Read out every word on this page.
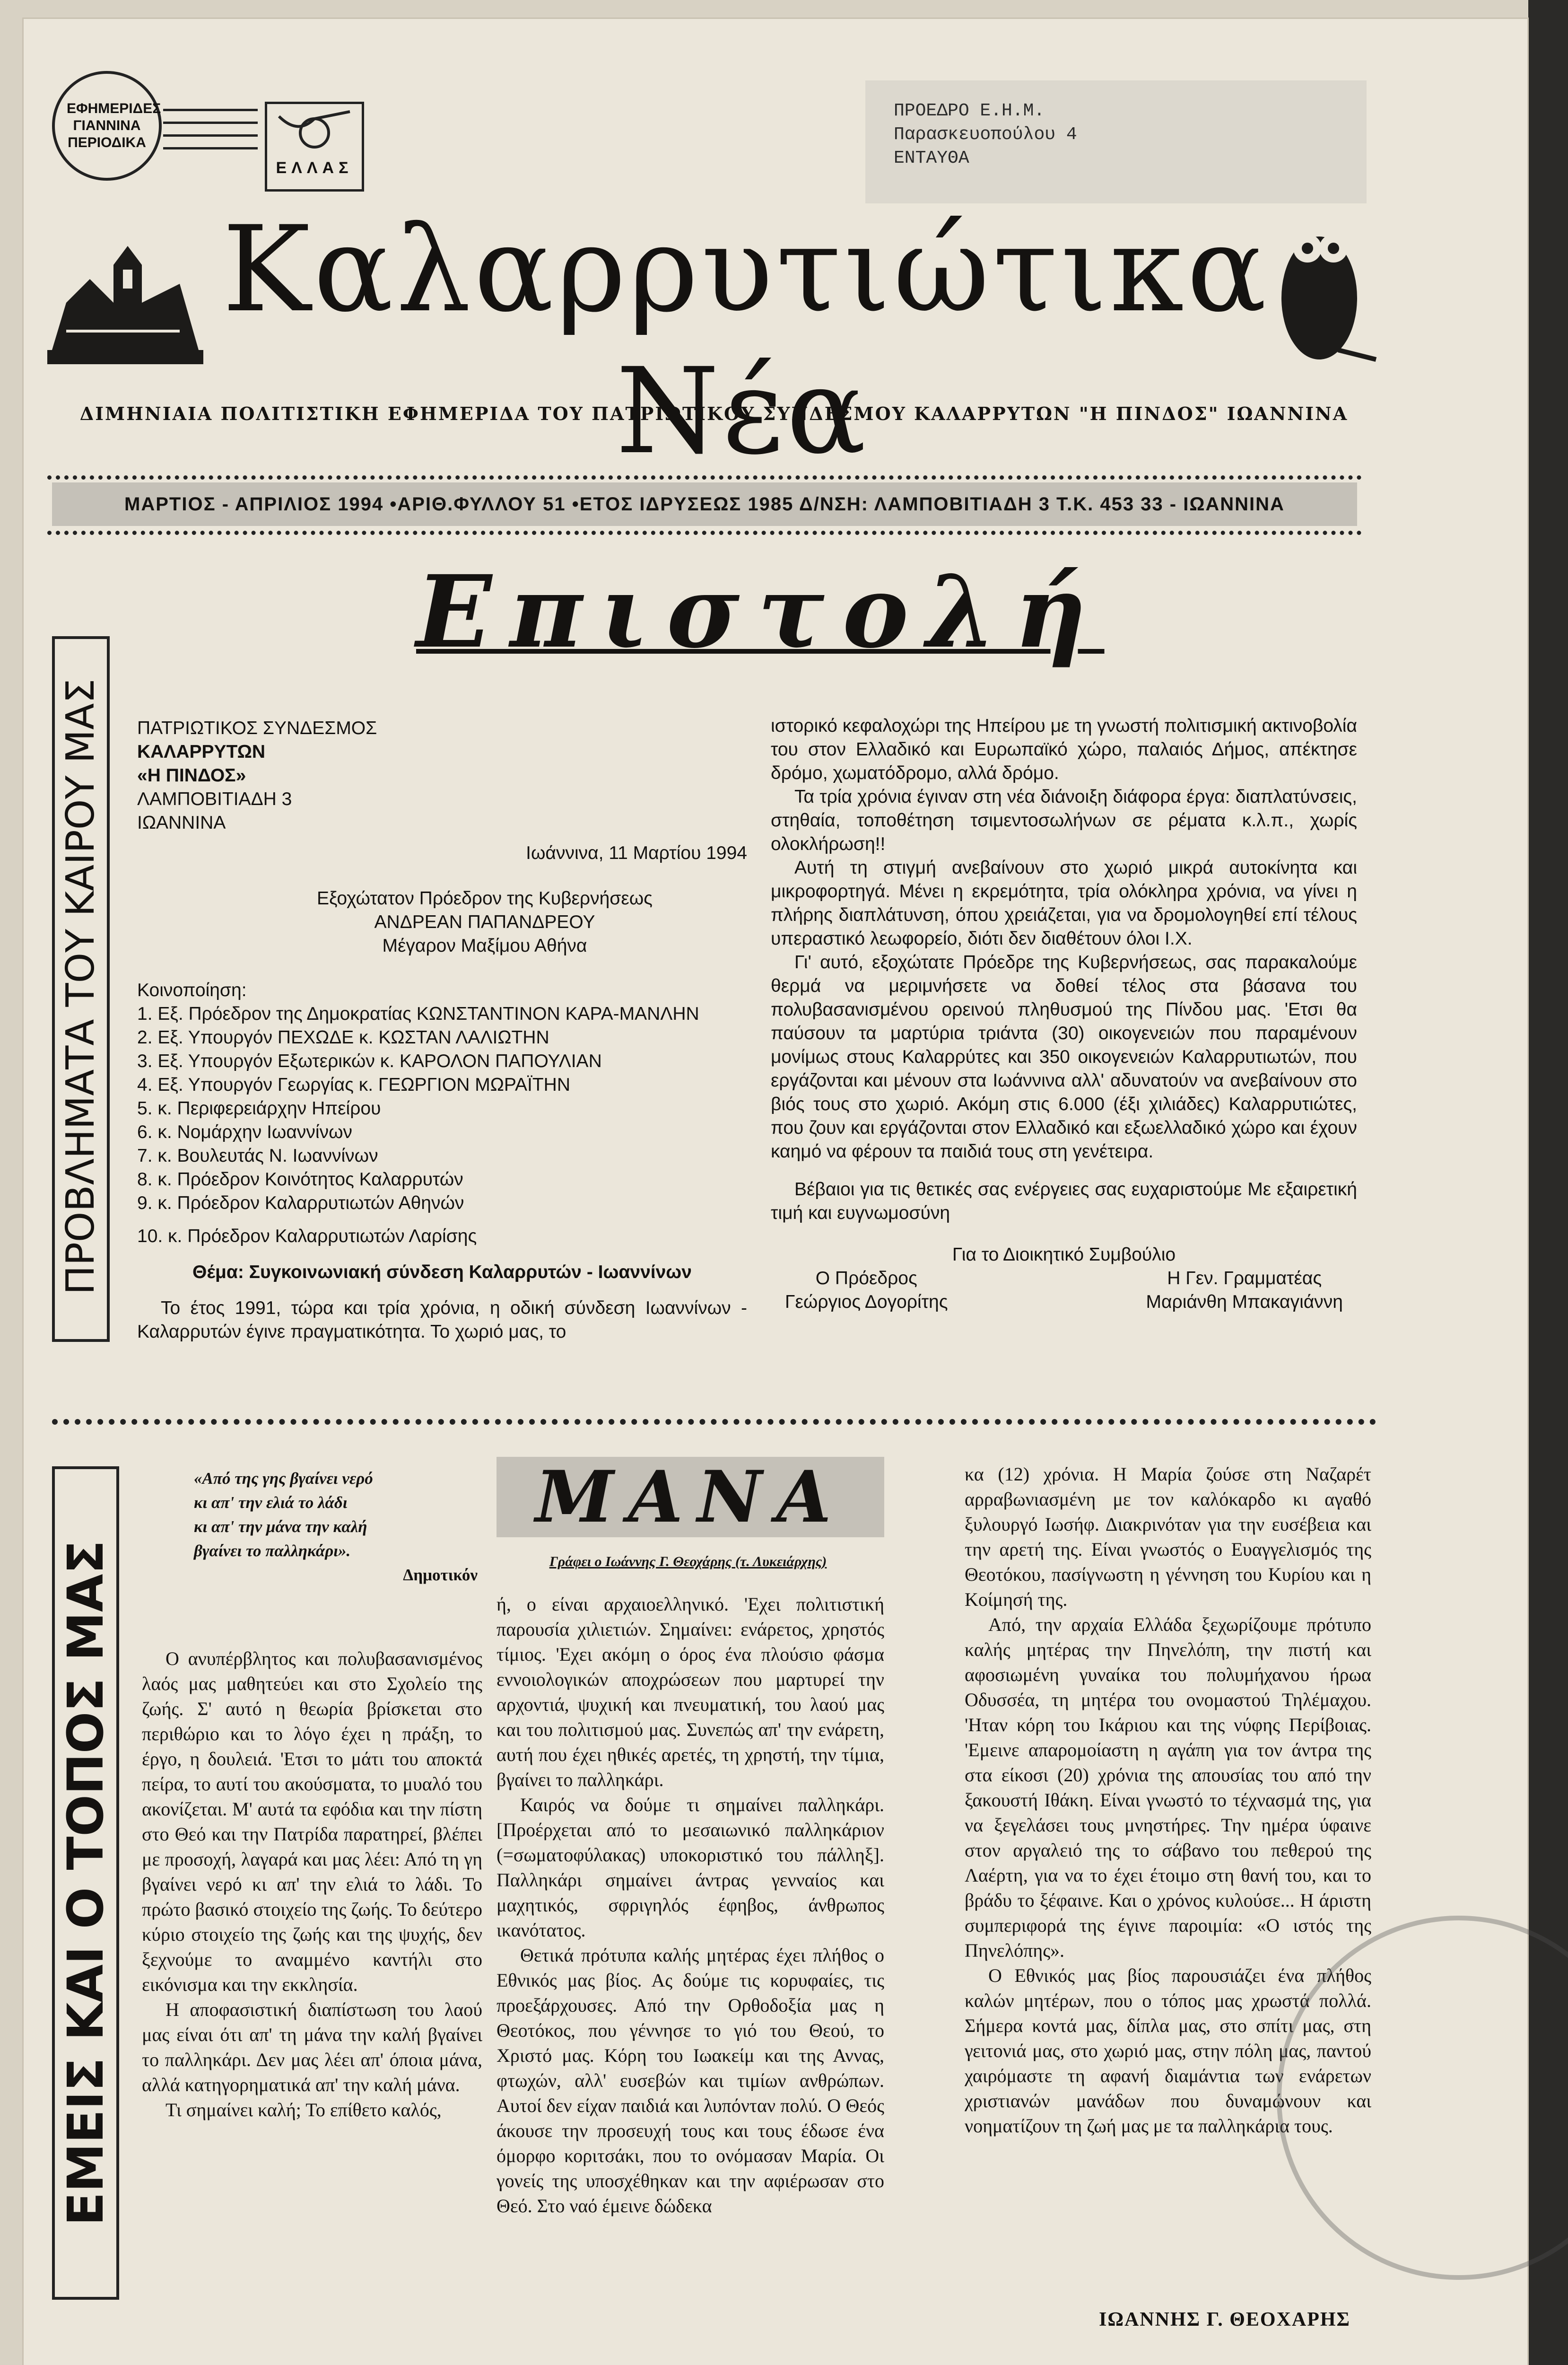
ΕΦΗΜΕΡΙΔΕΣ ΓΙΑΝΝΙΝΑ ΠΕΡΙΟΔΙΚΑ
ΕΛΛΑΣ
ΠΡΟΕΔΡΟ Ε.Η.Μ.
Παρασκευοπούλου 4
ΕΝΤΑΥΘΑ
Καλαρρυτιώτικα Νέα
ΔΙΜΗΝΙΑΙΑ ΠΟΛΙΤΙΣΤΙΚΗ ΕΦΗΜΕΡΙΔΑ ΤΟΥ ΠΑΤΡΙΩΤΙΚΟΥ ΣΥΝΔΕΣΜΟΥ ΚΑΛΑΡΡΥΤΩΝ "Η ΠΙΝΔΟΣ" ΙΩΑΝΝΙΝΑ
ΜΑΡΤΙΟΣ - ΑΠΡΙΛΙΟΣ 1994 •ΑΡΙΘ.ΦΥΛΛΟΥ 51 •ΕΤΟΣ ΙΔΡΥΣΕΩΣ 1985 Δ/ΝΣΗ: ΛΑΜΠΟΒΙΤΙΑΔΗ 3 Τ.Κ. 453 33 - ΙΩΑΝΝΙΝΑ
Επιστολή
ΠΡΟΒΛΗΜΑΤΑ ΤΟΥ ΚΑΙΡΟΥ ΜΑΣ ΠΑΤΡΙΩΤΙΚΟΣ ΣΥΝΔΕΣΜΟΣ
ΚΑΛΑΡΡΥΤΩΝ
«Η ΠΙΝΔΟΣ»
ΛΑΜΠΟΒΙΤΙΑΔΗ 3
ΙΩΑΝΝΙΝΑ
Ιωάννινα, 11 Μαρτίου 1994
Εξοχώτατον Πρόεδρον της Κυβερνήσεως
ΑΝΔΡΕΑΝ ΠΑΠΑΝΔΡΕΟΥ
Μέγαρον Μαξίμου Αθήνα
Κοινοποίηση:
1. Εξ. Πρόεδρον της Δημοκρατίας ΚΩΝΣΤΑΝΤΙΝΟΝ ΚΑΡΑ-ΜΑΝΛΗΝ
2. Εξ. Υπουργόν ΠΕΧΩΔΕ κ. ΚΩΣΤΑΝ ΛΑΛΙΩΤΗΝ
3. Εξ. Υπουργόν Εξωτερικών κ. ΚΑΡΟΛΟΝ ΠΑΠΟΥΛΙΑΝ
4. Εξ. Υπουργόν Γεωργίας κ. ΓΕΩΡΓΙΟΝ ΜΩΡΑΪΤΗΝ
5. κ. Περιφερειάρχην Ηπείρου
6. κ. Νομάρχην Ιωαννίνων
7. κ. Βουλευτάς Ν. Ιωαννίνων
8. κ. Πρόεδρον Κοινότητος Καλαρρυτών
9. κ. Πρόεδρον Καλαρρυτιωτών Αθηνών
10. κ. Πρόεδρον Καλαρρυτιωτών Λαρίσης
Θέμα: Συγκοινωνιακή σύνδεση Καλαρρυτών - Ιωαννίνων
Το έτος 1991, τώρα και τρία χρόνια, η οδική σύνδεση Ιωαννίνων - Καλαρρυτών έγινε πραγματικότητα. Το χωριό μας, το

ιστορικό κεφαλοχώρι της Ηπείρου με τη γνωστή πολιτισμική ακτινοβολία του στον Ελλαδικό και Ευρωπαϊκό χώρο, παλαιός Δήμος, απέκτησε δρόμο, χωματόδρομο, αλλά δρόμο.

Τα τρία χρόνια έγιναν στη νέα διάνοιξη διάφορα έργα: διαπλατύνσεις, στηθαία, τοποθέτηση τσιμεντοσωλήνων σε ρέματα κ.λ.π., χωρίς ολοκλήρωση!!

Αυτή τη στιγμή ανεβαίνουν στο χωριό μικρά αυτοκίνητα και μικροφορτηγά. Μένει η εκρεμότητα, τρία ολόκληρα χρόνια, να γίνει η πλήρης διαπλάτυνση, όπου χρειάζεται, για να δρομολογηθεί επί τέλους υπεραστικό λεωφορείο, διότι δεν διαθέτουν όλοι Ι.Χ.

Γι' αυτό, εξοχώτατε Πρόεδρε της Κυβερνήσεως, σας παρακαλούμε θερμά να μεριμνήσετε να δοθεί τέλος στα βάσανα του πολυβασανισμένου ορεινού πληθυσμού της Πίνδου μας. 'Ετσι θα παύσουν τα μαρτύρια τριάντα (30) οικογενειών που παραμένουν μονίμως στους Καλαρρύτες και 350 οικογενειών Καλαρρυτιωτών, που εργάζονται και μένουν στα Ιωάννινα αλλ' αδυνατούν να ανεβαίνουν στο βιός τους στο χωριό. Ακόμη στις 6.000 (έξι χιλιάδες) Καλαρρυτιώτες, που ζουν και εργάζονται στον Ελλαδικό και εξωελλαδικό χώρο και έχουν καημό να φέρουν τα παιδιά τους στη γενέτειρα.

Βέβαιοι για τις θετικές σας ενέργειες σας ευχαριστούμε Με εξαιρετική τιμή και ευγνωμοσύνη

Για το Διοικητικό Συμβούλιο
Ο Πρόεδρος
Γεώργιος Δογορίτης
Η Γεν. Γραμματέας
Μαριάνθη Μπακαγιάννη
ΕΜΕΙΣ ΚΑΙ Ο ΤΟΠΟΣ ΜΑΣ
«Από της γης βγαίνει νερό
κι απ' την ελιά το λάδι
κι απ' την μάνα την καλή
βγαίνει το παλληκάρι».
Δημοτικόν
ΜΑΝΑ
Γράφει ο Ιωάννης Γ. Θεοχάρης (τ. Λυκειάρχης)

Ο ανυπέρβλητος και πολυβασανισμένος λαός μας μαθητεύει και στο Σχολείο της ζωής. Σ' αυτό η θεωρία βρίσκεται στο περιθώριο και το λόγο έχει η πράξη, το έργο, η δουλειά. 'Ετσι το μάτι του αποκτά πείρα, το αυτί του ακούσματα, το μυαλό του ακονίζεται. Μ' αυτά τα εφόδια και την πίστη στο Θεό και την Πατρίδα παρατηρεί, βλέπει με προσοχή, λαγαρά και μας λέει: Από τη γη βγαίνει νερό κι απ' την ελιά το λάδι. Το πρώτο βασικό στοιχείο της ζωής. Το δεύτερο κύριο στοιχείο της ζωής και της ψυχής, δεν ξεχνούμε το αναμμένο καντήλι στο εικόνισμα και την εκκλησία.

Η αποφασιστική διαπίστωση του λαού μας είναι ότι απ' τη μάνα την καλή βγαίνει το παλληκάρι. Δεν μας λέει απ' όποια μάνα, αλλά κατηγορηματικά απ' την καλή μάνα.

Τι σημαίνει καλή; Το επίθετο καλός,

ή, ο είναι αρχαιοελληνικό. 'Εχει πολιτιστική παρουσία χιλιετιών. Σημαίνει: ενάρετος, χρηστός τίμιος. 'Εχει ακόμη ο όρος ένα πλούσιο φάσμα εννοιολογικών αποχρώσεων που μαρτυρεί την αρχοντιά, ψυχική και πνευματική, του λαού μας και του πολιτισμού μας. Συνεπώς απ' την ενάρετη, αυτή που έχει ηθικές αρετές, τη χρηστή, την τίμια, βγαίνει το παλληκάρι.

Καιρός να δούμε τι σημαίνει παλληκάρι. [Προέρχεται από το μεσαιωνικό παλληκάριον (=σωματοφύλακας) υποκοριστικό του πάλληξ]. Παλληκάρι σημαίνει άντρας γενναίος και μαχητικός, σφριγηλός έφηβος, άνθρωπος ικανότατος.

Θετικά πρότυπα καλής μητέρας έχει πλήθος ο Εθνικός μας βίος. Ας δούμε τις κορυφαίες, τις προεξάρχουσες. Από την Ορθοδοξία μας η Θεοτόκος, που γέννησε το γιό του Θεού, το Χριστό μας. Κόρη του Ιωακείμ και της Αννας, φτωχών, αλλ' ευσεβών και τιμίων ανθρώπων. Αυτοί δεν είχαν παιδιά και λυπόνταν πολύ. Ο Θεός άκουσε την προσευχή τους και τους έδωσε ένα όμορφο κοριτσάκι, που το ονόμασαν Μαρία. Οι γονείς της υποσχέθηκαν και την αφιέρωσαν στο Θεό. Στο ναό έμεινε δώδεκα

κα (12) χρόνια. Η Μαρία ζούσε στη Ναζαρέτ αρραβωνιασμένη με τον καλόκαρδο κι αγαθό ξυλουργό Ιωσήφ. Διακρινόταν για την ευσέβεια και την αρετή της. Είναι γνωστός ο Ευαγγελισμός της Θεοτόκου, πασίγνωστη η γέννηση του Κυρίου και η Κοίμησή της.

Από, την αρχαία Ελλάδα ξεχωρίζουμε πρότυπο καλής μητέρας την Πηνελόπη, την πιστή και αφοσιωμένη γυναίκα του πολυμήχανου ήρωα Οδυσσέα, τη μητέρα του ονομαστού Τηλέμαχου. 'Ηταν κόρη του Ικάριου και της νύφης Περίβοιας. 'Εμεινε απαρομοίαστη η αγάπη για τον άντρα της στα είκοσι (20) χρόνια της απουσίας του από την ξακουστή Ιθάκη. Είναι γνωστό το τέχνασμά της, για να ξεγελάσει τους μνηστήρες. Την ημέρα ύφαινε στον αργαλειό της το σάβανο του πεθερού της Λαέρτη, για να το έχει έτοιμο στη θανή του, και το βράδυ το ξέφαινε. Και ο χρόνος κυλούσε... Η άριστη συμπεριφορά της έγινε παροιμία: «Ο ιστός της Πηνελόπης».

Ο Εθνικός μας βίος παρουσιάζει ένα πλήθος καλών μητέρων, που ο τόπος μας χρωστά πολλά. Σήμερα κοντά μας, δίπλα μας, στο σπίτι μας, στη γειτονιά μας, στο χωριό μας, στην πόλη μας, παντού χαιρόμαστε τη αφανή διαμάντια των ενάρετων χριστιανών μανάδων που δυναμώνουν και νοηματίζουν τη ζωή μας με τα παλληκάρια τους.

ΙΩΑΝΝΗΣ Γ. ΘΕΟΧΑΡΗΣ
